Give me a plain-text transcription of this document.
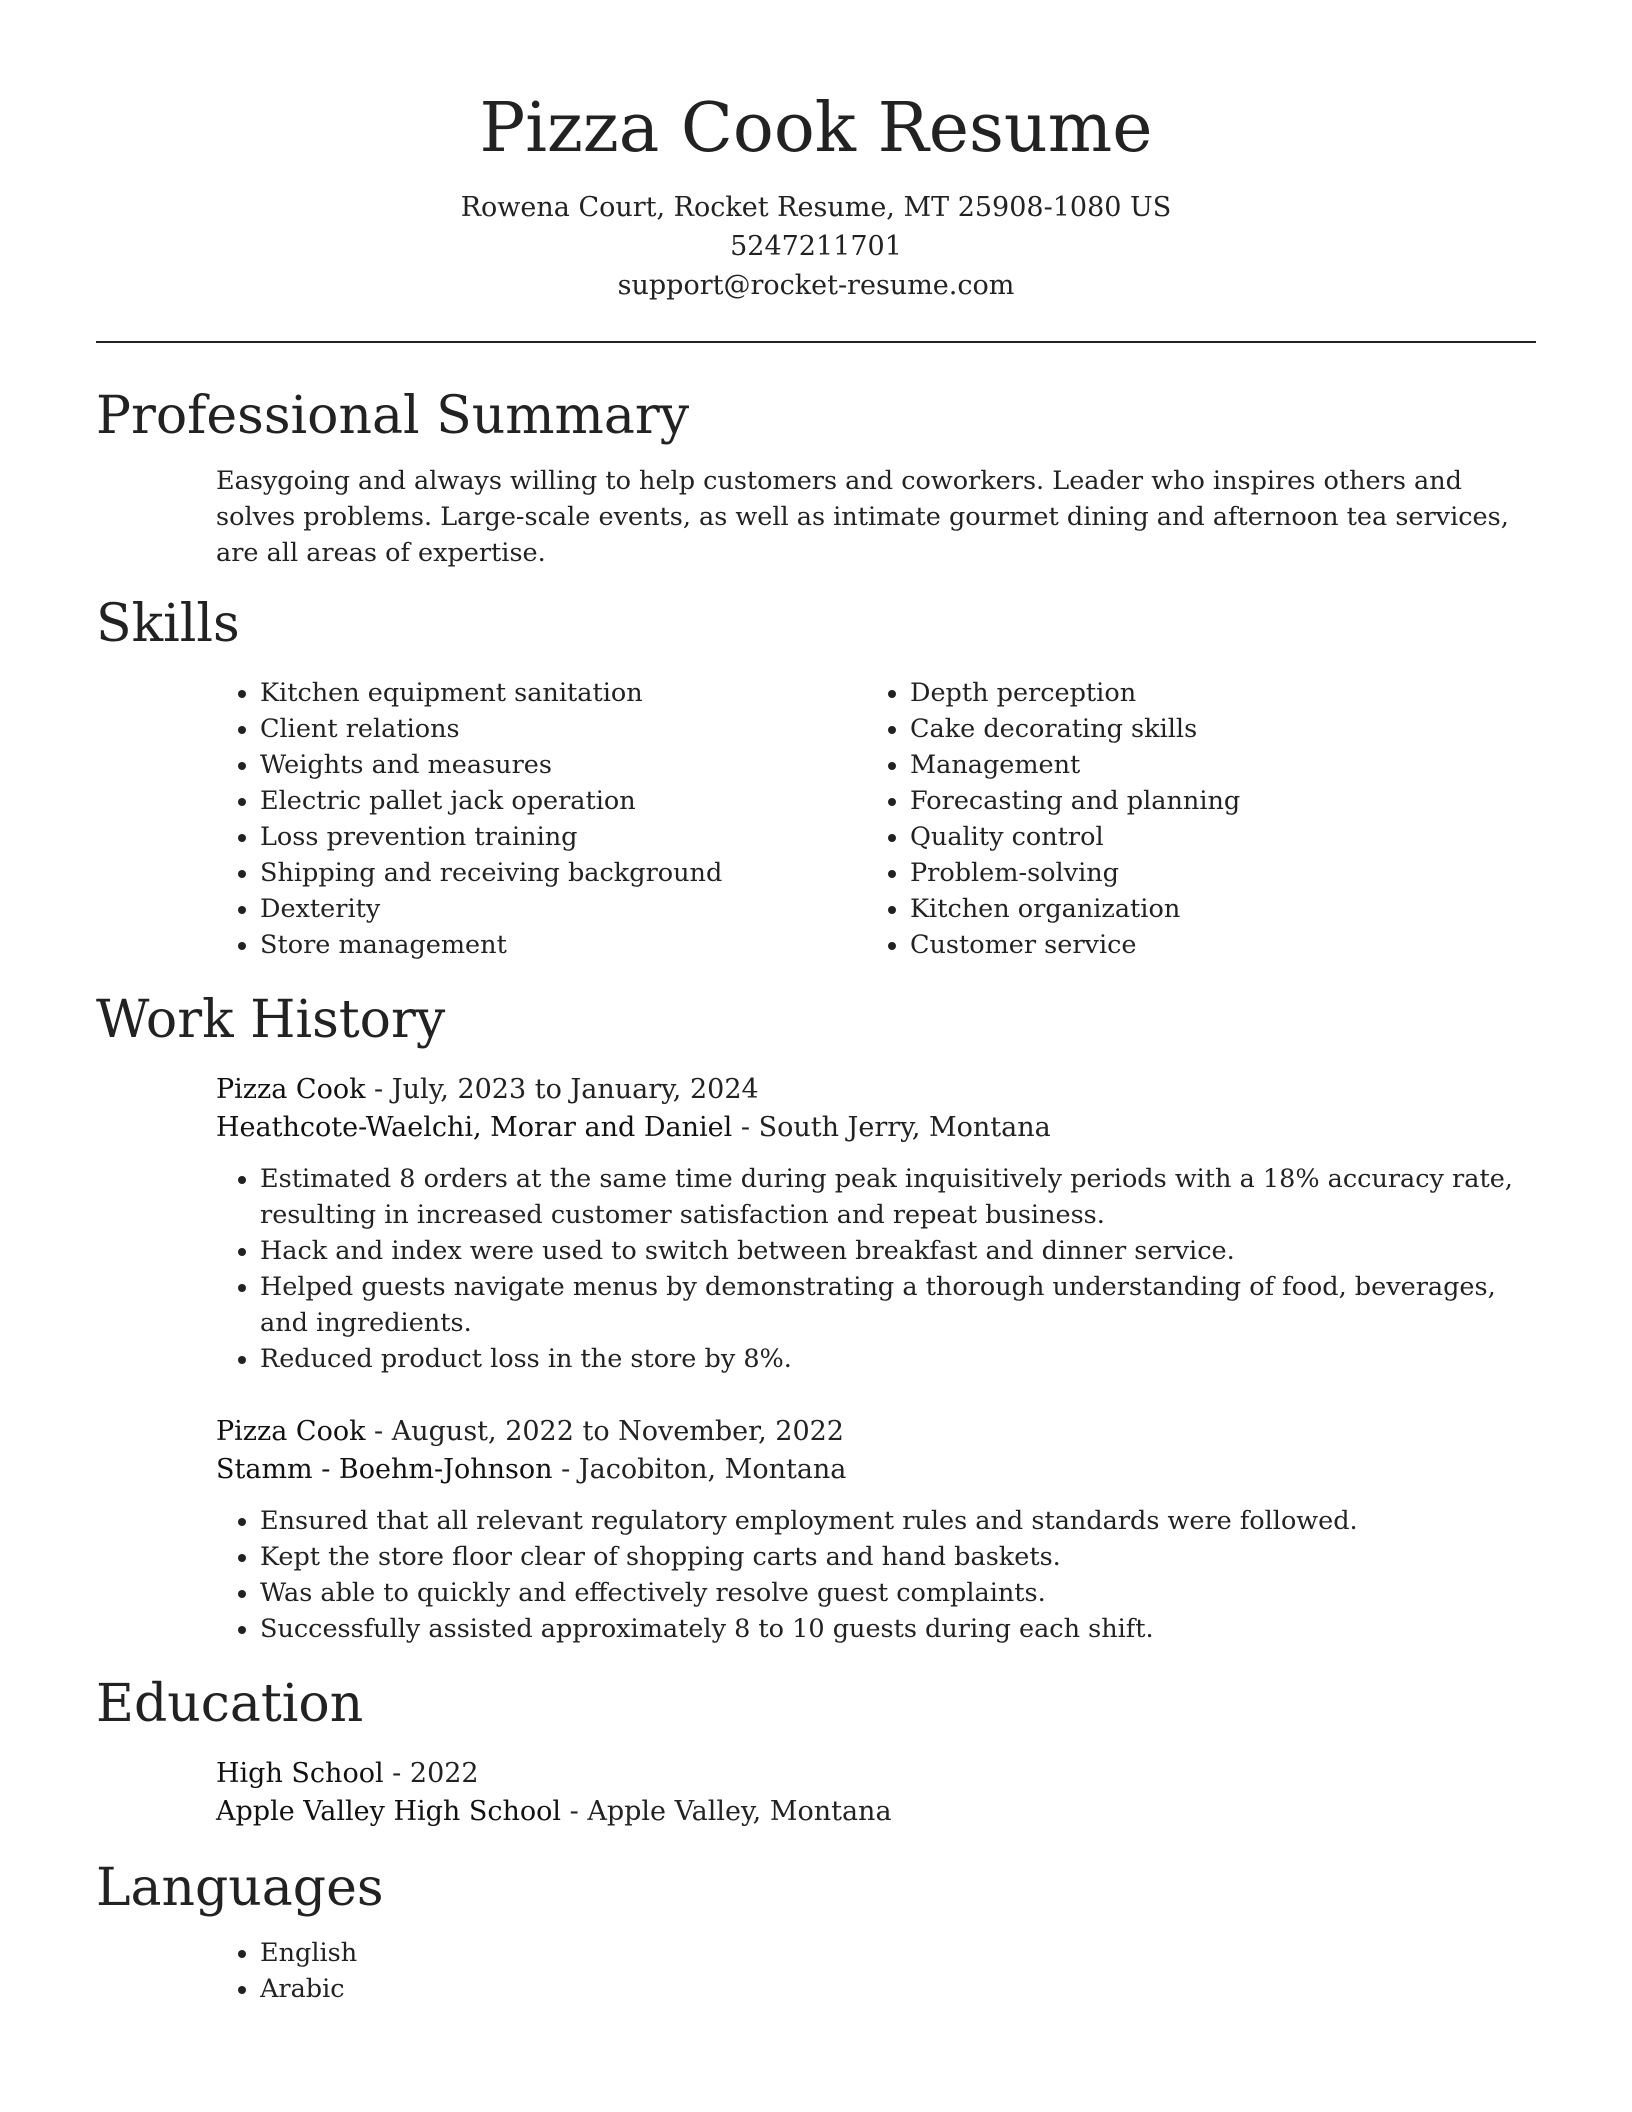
Pizza Cook Resume
Rowena Court, Rocket Resume, MT 25908-1080 US
5247211701
support@rocket-resume.com
Professional Summary

Easygoing and always willing to help customers and coworkers. Leader who inspires others and solves problems. Large-scale events, as well as intimate gourmet dining and afternoon tea services, are all areas of expertise.

Skills
• Kitchen equipment sanitation
• Client relations
• Weights and measures
• Electric pallet jack operation
• Loss prevention training
• Shipping and receiving background
• Dexterity
• Store management
• Depth perception
• Cake decorating skills
• Management
• Forecasting and planning
• Quality control
• Problem-solving
• Kitchen organization
• Customer service
Work History
Pizza Cook - July, 2023 to January, 2024
Heathcote-Waelchi, Morar and Daniel - South Jerry, Montana
• Estimated 8 orders at the same time during peak inquisitively periods with a 18% accuracy rate, resulting in increased customer satisfaction and repeat business.
• Hack and index were used to switch between breakfast and dinner service.
• Helped guests navigate menus by demonstrating a thorough understanding of food, beverages, and ingredients.
• Reduced product loss in the store by 8%.
Pizza Cook - August, 2022 to November, 2022
Stamm - Boehm-Johnson - Jacobiton, Montana
• Ensured that all relevant regulatory employment rules and standards were followed.
• Kept the store floor clear of shopping carts and hand baskets.
• Was able to quickly and effectively resolve guest complaints.
• Successfully assisted approximately 8 to 10 guests during each shift.
Education
High School - 2022
Apple Valley High School - Apple Valley, Montana
Languages
• English
• Arabic
